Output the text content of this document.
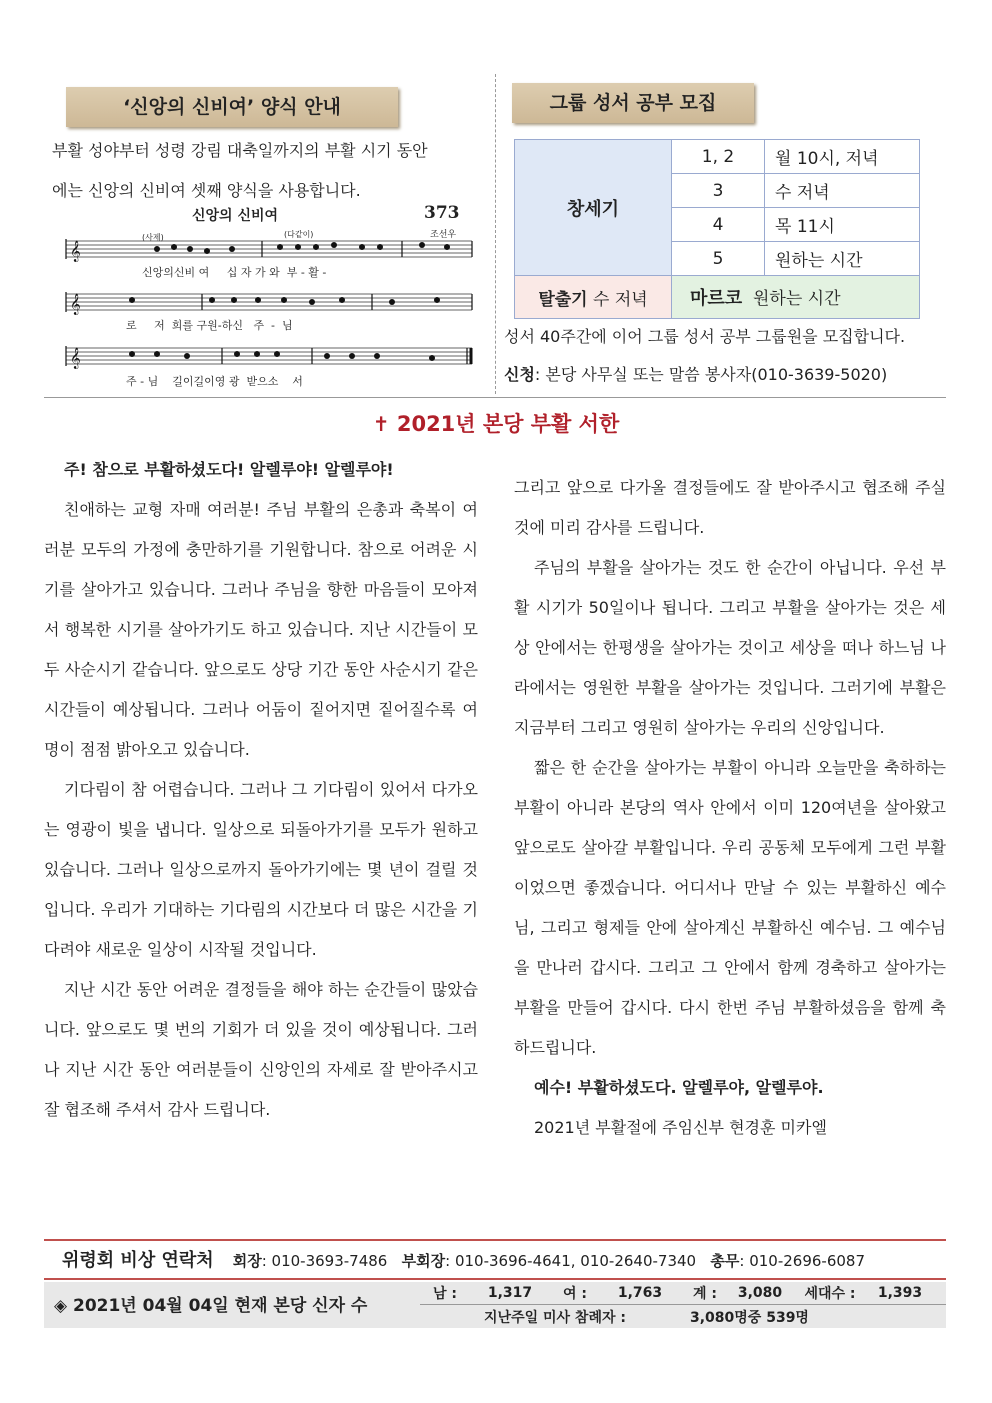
‘신앙의 신비여’ 양식 안내
부활 성야부터 성령 강림 대축일까지의 부활 시기 동안
에는 신앙의 신비여 셋째 양식을 사용합니다.
𝄞
𝄞
𝄞
신앙의 신비여	373
조선우
(사제)	(다같이)
신앙의신비 여     십 자 가 와  부 - 활 -
로     저  희를 구원-하신   주  -  님
주 - 님    길이길이영 광  받으소    서
그룹 성서 공부 모집
창세기	1, 2	월 10시, 저녁
	3	수 저녁
	4	목 11시
	5	원하는 시간
탈출기 수 저녁	마르코 원하는 시간	
성서 40주간에 이어 그룹 성서 공부 그룹원을 모집합니다.
신청: 본당 사무실 또는 말씀 봉사자(010-3639-5020)
✝ 2021년 본당 부활 서한

주! 참으로 부활하셨도다! 알렐루야! 알렐루야!

친애하는 교형 자매 여러분! 주님 부활의 은총과 축복이 여러분 모두의 가정에 충만하기를 기원합니다. 참으로 어려운 시기를 살아가고 있습니다. 그러나 주님을 향한 마음들이 모아져서 행복한 시기를 살아가기도 하고 있습니다. 지난 시간들이 모두 사순시기 같습니다. 앞으로도 상당 기간 동안 사순시기 같은 시간들이 예상됩니다. 그러나 어둠이 짙어지면 짙어질수록 여명이 점점 밝아오고 있습니다.

기다림이 참 어렵습니다. 그러나 그 기다림이 있어서 다가오는 영광이 빛을 냅니다. 일상으로 되돌아가기를 모두가 원하고 있습니다. 그러나 일상으로까지 돌아가기에는 몇 년이 걸릴 것입니다. 우리가 기대하는 기다림의 시간보다 더 많은 시간을 기다려야 새로운 일상이 시작될 것입니다.

지난 시간 동안 어려운 결정들을 해야 하는 순간들이 많았습니다. 앞으로도 몇 번의 기회가 더 있을 것이 예상됩니다. 그러나 지난 시간 동안 여러분들이 신앙인의 자세로 잘 받아주시고 잘 협조해 주셔서 감사 드립니다.

그리고 앞으로 다가올 결정들에도 잘 받아주시고 협조해 주실 것에 미리 감사를 드립니다.

주님의 부활을 살아가는 것도 한 순간이 아닙니다. 우선 부활 시기가 50일이나 됩니다. 그리고 부활을 살아가는 것은 세상 안에서는 한평생을 살아가는 것이고 세상을 떠나 하느님 나라에서는 영원한 부활을 살아가는 것입니다. 그러기에 부활은 지금부터 그리고 영원히 살아가는 우리의 신앙입니다.

짧은 한 순간을 살아가는 부활이 아니라 오늘만을 축하하는 부활이 아니라 본당의 역사 안에서 이미 120여년을 살아왔고 앞으로도 살아갈 부활입니다. 우리 공동체 모두에게 그런 부활이었으면 좋겠습니다. 어디서나 만날 수 있는 부활하신 예수님, 그리고 형제들 안에 살아계신 부활하신 예수님. 그 예수님을 만나러 갑시다. 그리고 그 안에서 함께 경축하고 살아가는 부활을 만들어 갑시다. 다시 한번 주님 부활하셨음을 함께 축하드립니다.

예수! 부활하셨도다. 알렐루야, 알렐루야.

2021년 부활절에 주임신부 현경훈 미카엘

위령회 비상 연락처 회장: 010-3693-7486 부회장: 010-3696-4641, 010-2640-7340 총무: 010-2696-6087
◈ 2021년 04월 04일 현재 본당 신자 수
남 :	1,317	여 :	1,763	계 :	3,080	세대수 :	1,393
지난주일 미사 참례자 :	3,080명중 539명
